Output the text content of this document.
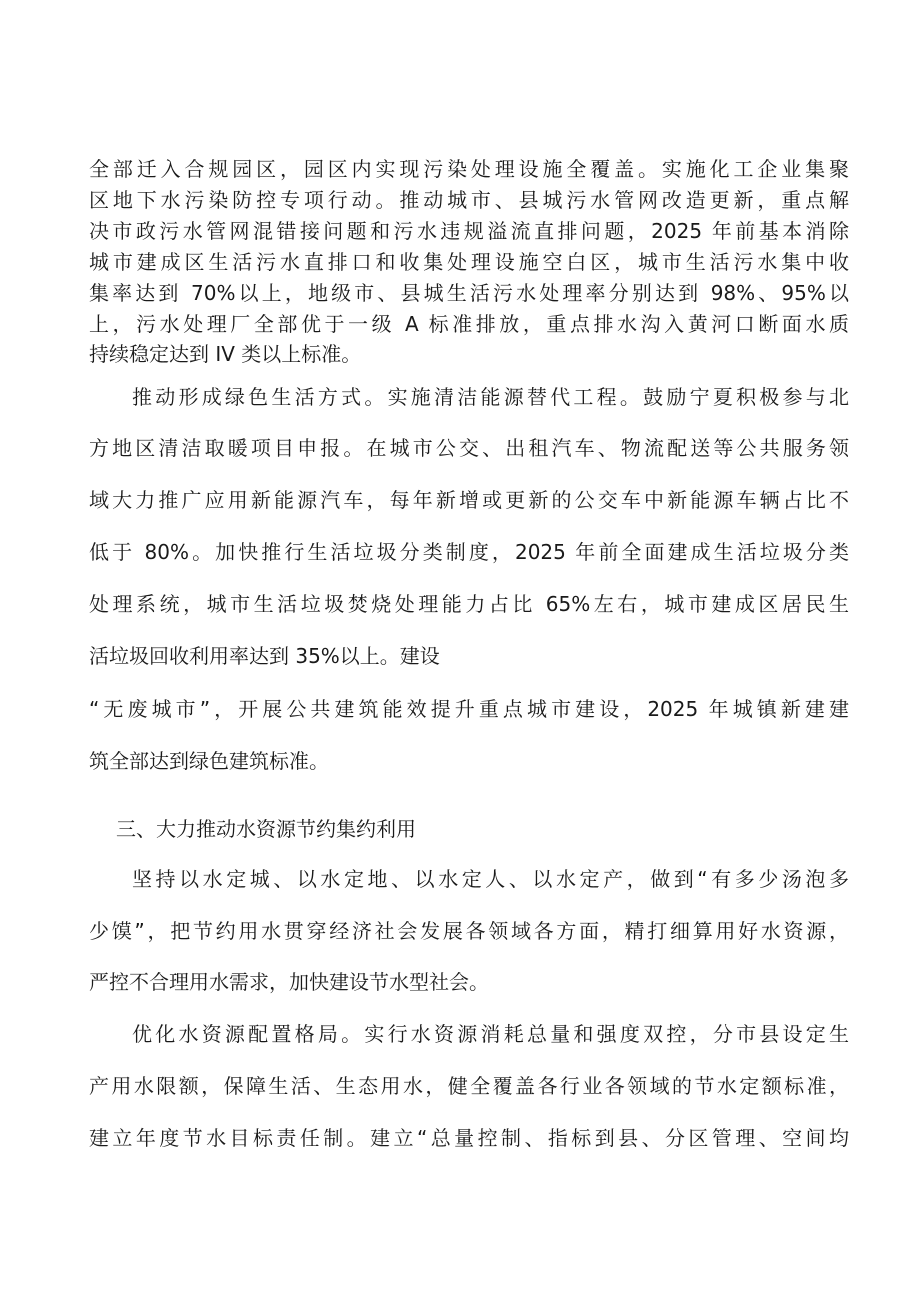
全部迁入合规园区，园区内实现污染处理设施全覆盖。实施化工企业集聚
区地下水污染防控专项行动。推动城市、县城污水管网改造更新，重点解
决市政污水管网混错接问题和污水违规溢流直排问题，2025 年前基本消除
城市建成区生活污水直排口和收集处理设施空白区，城市生活污水集中收
集率达到 70%以上，地级市、县城生活污水处理率分别达到 98%、95%以
上，污水处理厂全部优于一级 A 标准排放，重点排水沟入黄河口断面水质
持续稳定达到 IV 类以上标准。
推动形成绿色生活方式。实施清洁能源替代工程。鼓励宁夏积极参与北
方地区清洁取暖项目申报。在城市公交、出租汽车、物流配送等公共服务领
域大力推广应用新能源汽车，每年新增或更新的公交车中新能源车辆占比不
低于 80%。加快推行生活垃圾分类制度，2025 年前全面建成生活垃圾分类
处理系统，城市生活垃圾焚烧处理能力占比 65%左右，城市建成区居民生
活垃圾回收利用率达到 35%以上。建设
“无废城市”，开展公共建筑能效提升重点城市建设，2025 年城镇新建建
筑全部达到绿色建筑标准。
三、大力推动水资源节约集约利用
坚持以水定城、以水定地、以水定人、以水定产，做到“有多少汤泡多
少馍”，把节约用水贯穿经济社会发展各领域各方面，精打细算用好水资源，
严控不合理用水需求，加快建设节水型社会。
优化水资源配置格局。实行水资源消耗总量和强度双控，分市县设定生
产用水限额，保障生活、生态用水，健全覆盖各行业各领域的节水定额标准，
建立年度节水目标责任制。建立“总量控制、指标到县、分区管理、空间均
